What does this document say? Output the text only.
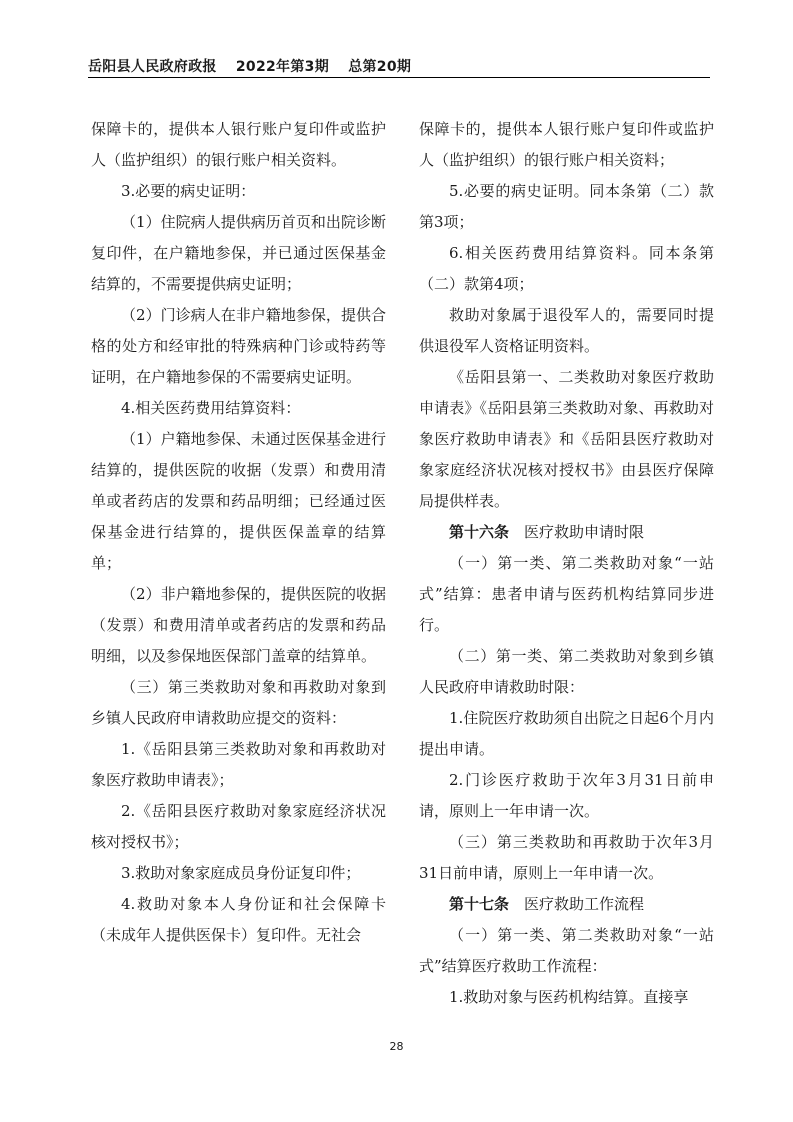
岳阳县人民政府政报 2022年第3期 总第20期

保障卡的，提供本人银行账户复印件或监护人（监护组织）的银行账户相关资料。

3.必要的病史证明：

（1）住院病人提供病历首页和出院诊断复印件，在户籍地参保，并已通过医保基金结算的，不需要提供病史证明；

（2）门诊病人在非户籍地参保，提供合格的处方和经审批的特殊病种门诊或特药等证明，在户籍地参保的不需要病史证明。

4.相关医药费用结算资料：

（1）户籍地参保、未通过医保基金进行结算的，提供医院的收据（发票）和费用清单或者药店的发票和药品明细；已经通过医保基金进行结算的，提供医保盖章的结算单；

（2）非户籍地参保的，提供医院的收据（发票）和费用清单或者药店的发票和药品明细，以及参保地医保部门盖章的结算单。

（三）第三类救助对象和再救助对象到乡镇人民政府申请救助应提交的资料：

1.《岳阳县第三类救助对象和再救助对象医疗救助申请表》；

2.《岳阳县医疗救助对象家庭经济状况核对授权书》；

3.救助对象家庭成员身份证复印件；

4.救助对象本人身份证和社会保障卡（未成年人提供医保卡）复印件。无社会

保障卡的，提供本人银行账户复印件或监护人（监护组织）的银行账户相关资料；

5.必要的病史证明。同本条第（二）款第3项；

6.相关医药费用结算资料。同本条第（二）款第4项；

救助对象属于退役军人的，需要同时提供退役军人资格证明资料。

《岳阳县第一、二类救助对象医疗救助申请表》《岳阳县第三类救助对象、再救助对象医疗救助申请表》和《岳阳县医疗救助对象家庭经济状况核对授权书》由县医疗保障局提供样表。

第十六条　 医疗救助申请时限

（一）第一类、第二类救助对象“一站式”结算：患者申请与医药机构结算同步进行。

（二）第一类、第二类救助对象到乡镇人民政府申请救助时限：

1.住院医疗救助须自出院之日起6个月内提出申请。

2.门诊医疗救助于次年3月31日前申请，原则上一年申请一次。

（三）第三类救助和再救助于次年3月31日前申请，原则上一年申请一次。

第十七条　 医疗救助工作流程

（一）第一类、第二类救助对象“一站式”结算医疗救助工作流程：

1.救助对象与医药机构结算。直接享

28
